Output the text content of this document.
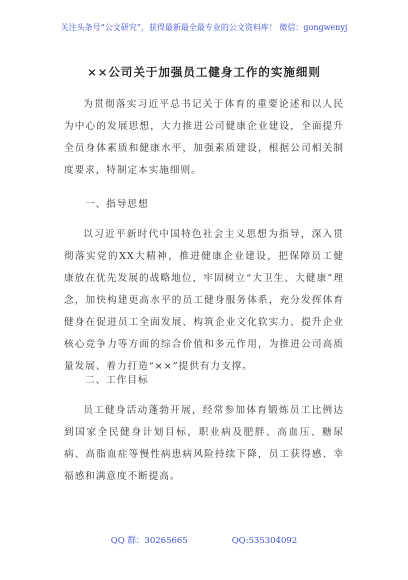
关注头条号“公文研究”，获得最新最全最专业的公文资料库！ 微信：gongwenyj
××公司关于加强员工健身工作的实施细则

为贯彻落实习近平总书记关于体育的重要论述和以人民为中心的发展思想，大力推进公司健康企业建设，全面提升全员身体素质和健康水平，加强素质建设，根据公司相关制度要求，特制定本实施细则。

一、指导思想

以习近平新时代中国特色社会主义思想为指导，深入贯彻落实党的XX大精神，推进健康企业建设，把保障员工健康放在优先发展的战略地位，牢固树立“大卫生、大健康”理念，加快构建更高水平的员工健身服务体系，充分发挥体育健身在促进员工全面发展、构筑企业文化软实力、提升企业核心竞争力等方面的综合价值和多元作用，为推进公司高质量发展、着力打造“××”提供有力支撑。

二、工作目标

员工健身活动蓬勃开展，经常参加体育锻炼员工比例达到国家全民健身计划目标，职业病及肥胖、高血压、糖尿病、高脂血症等慢性病患病风险持续下降，员工获得感、幸福感和满意度不断提高。

QQ 群：30265665	QQ:535304092
